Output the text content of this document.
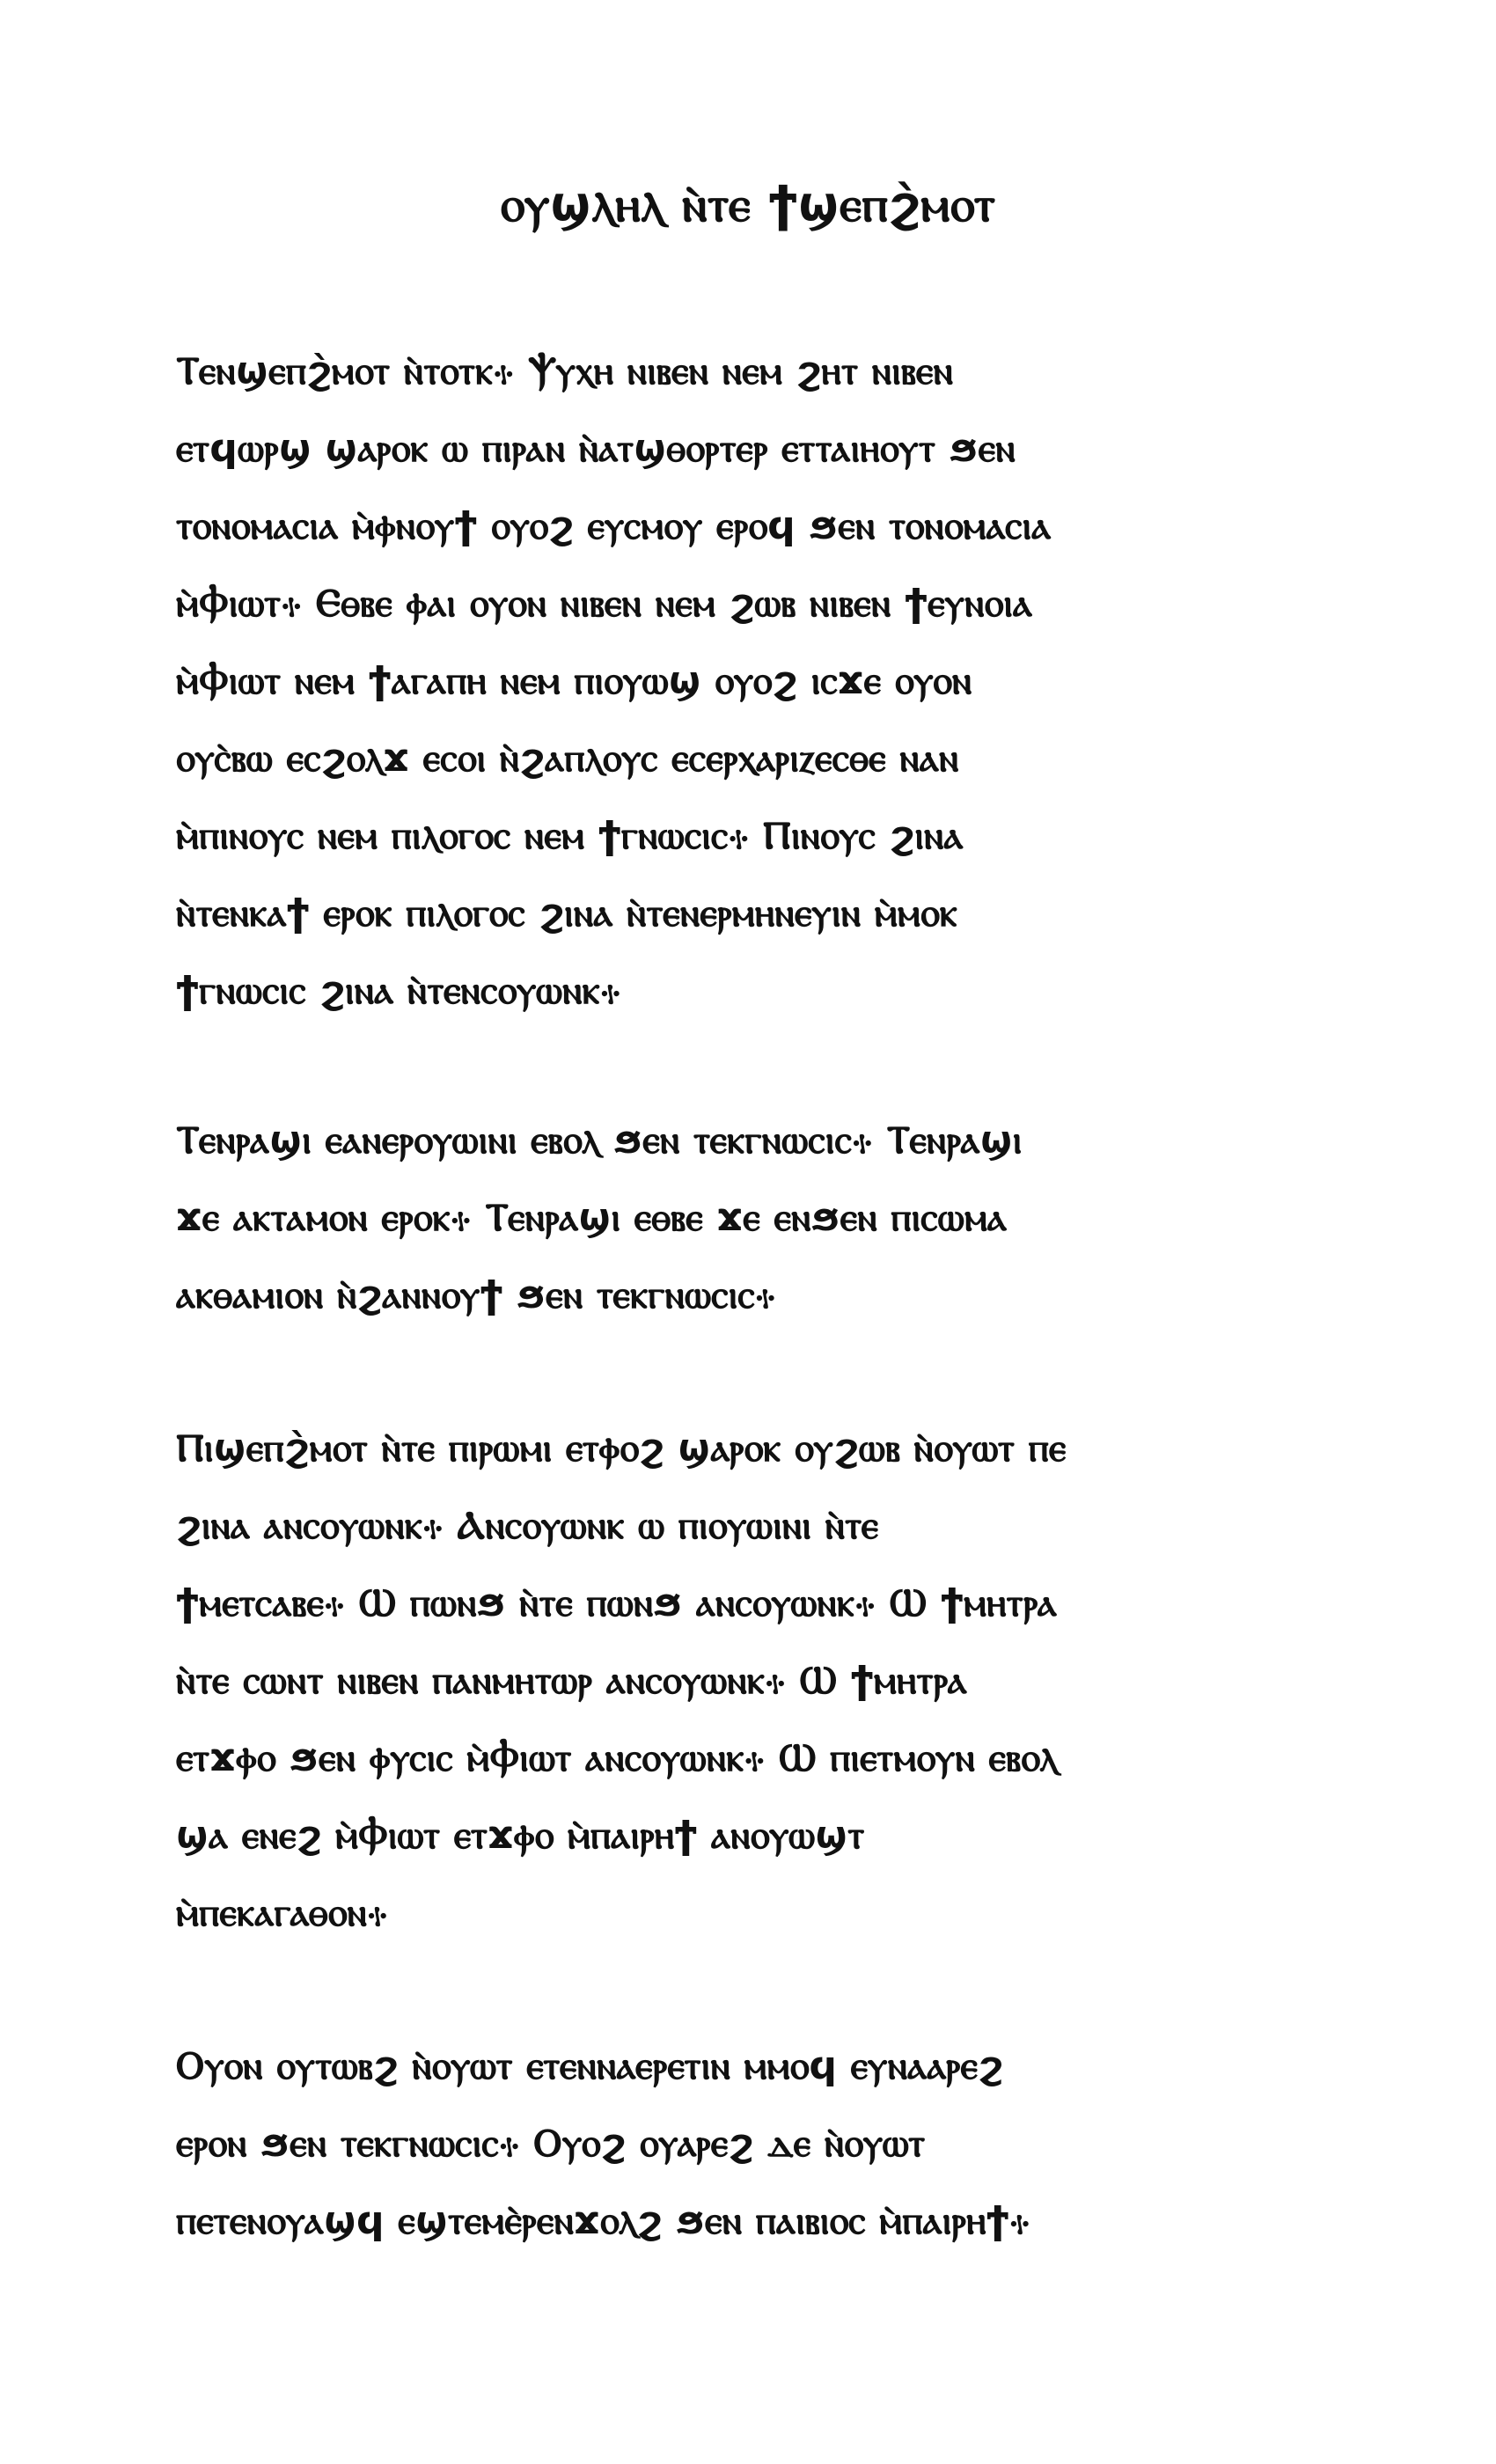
ⲟⲩϣⲗⲏⲗ ⲛ̀ⲧⲉ ϯϣⲉⲡϩ̀ⲙⲟⲧ
Ⲧⲉⲛϣⲉⲡϩ̀ⲙⲟⲧ ⲛ̀ⲧⲟⲧⲕ⳾ Ⲯⲩⲭⲏ ⲛⲓⲃⲉⲛ ⲛⲉⲙ ϩⲏⲧ ⲛⲓⲃⲉⲛ
ⲉⲧϥⲱⲣϣ ϣⲁⲣⲟⲕ ⲱ ⲡⲓⲣⲁⲛ ⲛ̀ⲁⲧϣⲑⲟⲣⲧⲉⲣ ⲉⲧⲧⲁⲓⲏⲟⲩⲧ ϧⲉⲛ
ⲧⲟⲛⲟⲙⲁⲥⲓⲁ ⲙ̀ⲫⲛⲟⲩϯ ⲟⲩⲟϩ ⲉⲩⲥⲙⲟⲩ ⲉⲣⲟϥ ϧⲉⲛ ⲧⲟⲛⲟⲙⲁⲥⲓⲁ
ⲙ̀Ⲫⲓⲱⲧ⳾ Ⲉⲑⲃⲉ ⲫⲁⲓ ⲟⲩⲟⲛ ⲛⲓⲃⲉⲛ ⲛⲉⲙ ϩⲱⲃ ⲛⲓⲃⲉⲛ ϯⲉⲩⲛⲟⲓⲁ
ⲙ̀Ⲫⲓⲱⲧ ⲛⲉⲙ ϯⲁⲅⲁⲡⲏ ⲛⲉⲙ ⲡⲓⲟⲩⲱϣ ⲟⲩⲟϩ ⲓⲥϫⲉ ⲟⲩⲟⲛ
ⲟⲩⲥ̀ⲃⲱ ⲉⲥϩⲟⲗϫ ⲉⲥⲟⲓ ⲛ̀ϩⲁⲡⲗⲟⲩⲥ ⲉⲥⲉⲣⲭⲁⲣⲓⲍⲉⲥⲑⲉ ⲛⲁⲛ
ⲙ̀ⲡⲓⲛⲟⲩⲥ ⲛⲉⲙ ⲡⲓⲗⲟⲅⲟⲥ ⲛⲉⲙ ϯⲅⲛⲱⲥⲓⲥ⳾ Ⲡⲓⲛⲟⲩⲥ ϩⲓⲛⲁ
ⲛ̀ⲧⲉⲛⲕⲁϯ ⲉⲣⲟⲕ ⲡⲓⲗⲟⲅⲟⲥ ϩⲓⲛⲁ ⲛ̀ⲧⲉⲛⲉⲣⲙⲏⲛⲉⲩⲓⲛ ⲙ̀ⲙⲟⲕ
ϯⲅⲛⲱⲥⲓⲥ ϩⲓⲛⲁ ⲛ̀ⲧⲉⲛⲥⲟⲩⲱⲛⲕ⳾
Ⲧⲉⲛⲣⲁϣⲓ ⲉⲁⲛⲉⲣⲟⲩⲱⲓⲛⲓ ⲉⲃⲟⲗ ϧⲉⲛ ⲧⲉⲕⲅⲛⲱⲥⲓⲥ⳾ Ⲧⲉⲛⲣⲁϣⲓ
ϫⲉ ⲁⲕⲧⲁⲙⲟⲛ ⲉⲣⲟⲕ⳾ Ⲧⲉⲛⲣⲁϣⲓ ⲉⲑⲃⲉ ϫⲉ ⲉⲛϧⲉⲛ ⲡⲓⲥⲱⲙⲁ
ⲁⲕⲑⲁⲙⲓⲟⲛ ⲛ̀ϩⲁⲛⲛⲟⲩϯ ϧⲉⲛ ⲧⲉⲕⲅⲛⲱⲥⲓⲥ⳾
Ⲡⲓϣⲉⲡϩ̀ⲙⲟⲧ ⲛ̀ⲧⲉ ⲡⲓⲣⲱⲙⲓ ⲉⲧⲫⲟϩ ϣⲁⲣⲟⲕ ⲟⲩϩⲱⲃ ⲛ̀ⲟⲩⲱⲧ ⲡⲉ
ϩⲓⲛⲁ ⲁⲛⲥⲟⲩⲱⲛⲕ⳾ Ⲁⲛⲥⲟⲩⲱⲛⲕ ⲱ ⲡⲓⲟⲩⲱⲓⲛⲓ ⲛ̀ⲧⲉ
ϯⲙⲉⲧⲥⲁⲃⲉ⳾ Ⲱ ⲡⲱⲛϧ ⲛ̀ⲧⲉ ⲡⲱⲛϧ ⲁⲛⲥⲟⲩⲱⲛⲕ⳾ Ⲱ ϯⲙⲏⲧⲣⲁ
ⲛ̀ⲧⲉ ⲥⲱⲛⲧ ⲛⲓⲃⲉⲛ ⲡⲁⲛⲙⲏⲧⲱⲣ ⲁⲛⲥⲟⲩⲱⲛⲕ⳾ Ⲱ ϯⲙⲏⲧⲣⲁ
ⲉⲧϫⲫⲟ ϧⲉⲛ ⲫⲩⲥⲓⲥ ⲙ̀Ⲫⲓⲱⲧ ⲁⲛⲥⲟⲩⲱⲛⲕ⳾ Ⲱ ⲡⲓⲉⲧⲙⲟⲩⲛ ⲉⲃⲟⲗ
ϣⲁ ⲉⲛⲉϩ ⲙ̀Ⲫⲓⲱⲧ ⲉⲧϫⲫⲟ ⲙ̀ⲡⲁⲓⲣⲏϯ ⲁⲛⲟⲩⲱϣⲧ
ⲙ̀ⲡⲉⲕⲁⲅⲁⲑⲟⲛ⳾
Ⲟⲩⲟⲛ ⲟⲩⲧⲱⲃϩ ⲛ̀ⲟⲩⲱⲧ ⲉⲧⲉⲛⲛⲁⲉⲣⲉⲧⲓⲛ ⲙⲙⲟϥ ⲉⲩⲛⲁⲁⲣⲉϩ
ⲉⲣⲟⲛ ϧⲉⲛ ⲧⲉⲕⲅⲛⲱⲥⲓⲥ⳾ Ⲟⲩⲟϩ ⲟⲩⲁⲣⲉϩ ⲇⲉ ⲛ̀ⲟⲩⲱⲧ
ⲡⲉⲧⲉⲛⲟⲩⲁϣϥ ⲉϣⲧⲉⲙⲉ̀ⲣⲉⲛϫⲟⲗϩ ϧⲉⲛ ⲡⲁⲓⲃⲓⲟⲥ ⲙ̀ⲡⲁⲓⲣⲏϯ⳾
